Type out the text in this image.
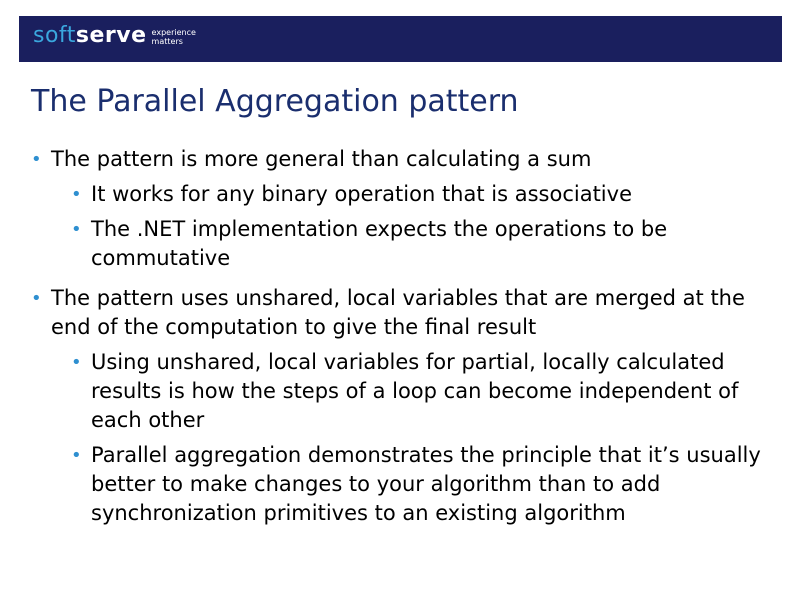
soft serve experience
matters
The Parallel Aggregation pattern
• The pattern is more general than calculating a sum
• It works for any binary operation that is associative
• The .NET implementation expects the operations to be commutative
• The pattern uses unshared, local variables that are merged at the end of the computation to give the final result
• Using unshared, local variables for partial, locally calculated results is how the steps of a loop can become independent of each other
• Parallel aggregation demonstrates the principle that it’s usually better to make changes to your algorithm than to add synchronization primitives to an existing algorithm
